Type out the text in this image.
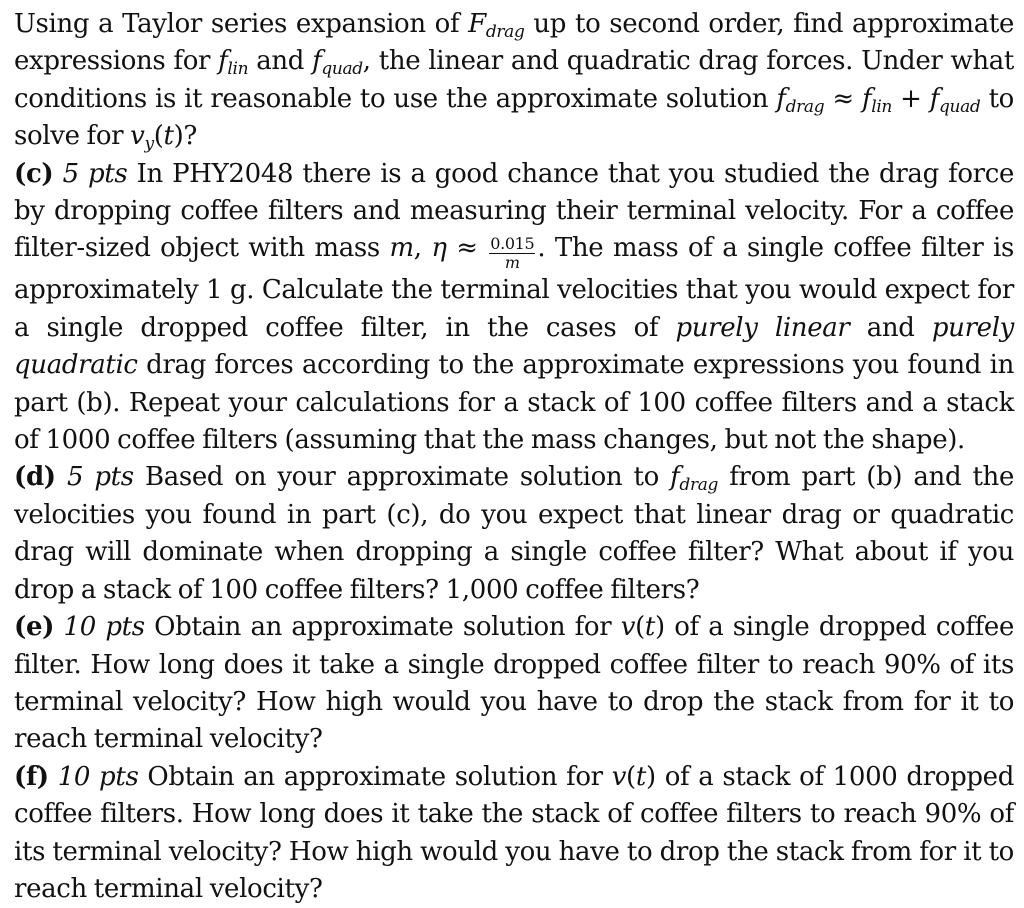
Using a Taylor series expansion of $F_{drag}$ up to second order, find approximate expressions for $f_{lin}$ and $f_{quad}$, the linear and quadratic drag forces. Under what conditions is it reasonable to use the approximate solution $f_{drag} \approx f_{lin} + f_{quad}$ to solve for $v_y(t)$?

(c) 5 pts In PHY2048 there is a good chance that you studied the drag force by dropping coffee filters and measuring their terminal velocity. For a coffee filter-sized object with mass m, $\eta \approx \frac{0.015}{m}$ . The mass of a single coffee filter is approximately 1 g. Calculate the terminal velocities that you would expect for a single dropped coffee filter, in the cases of purely linear and purely quadratic drag forces according to the approximate expressions you found in part (b). Repeat your calculations for a stack of 100 coffee filters and a stack of 1000 coffee filters (assuming that the mass changes, but not the shape).

(d) 5 pts Based on your approximate solution to $f_{drag}$ from part (b) and the velocities you found in part (c), do you expect that linear drag or quadratic drag will dominate when dropping a single coffee filter? What about if you drop a stack of 100 coffee filters? 1,000 coffee filters?

(e) 10 pts Obtain an approximate solution for v(t) of a single dropped coffee filter. How long does it take a single dropped coffee filter to reach 90% of its terminal velocity? How high would you have to drop the stack from for it to reach terminal velocity?

(f) 10 pts Obtain an approximate solution for v(t) of a stack of 1000 dropped coffee filters. How long does it take the stack of coffee filters to reach 90% of its terminal velocity? How high would you have to drop the stack from for it to reach terminal velocity?
